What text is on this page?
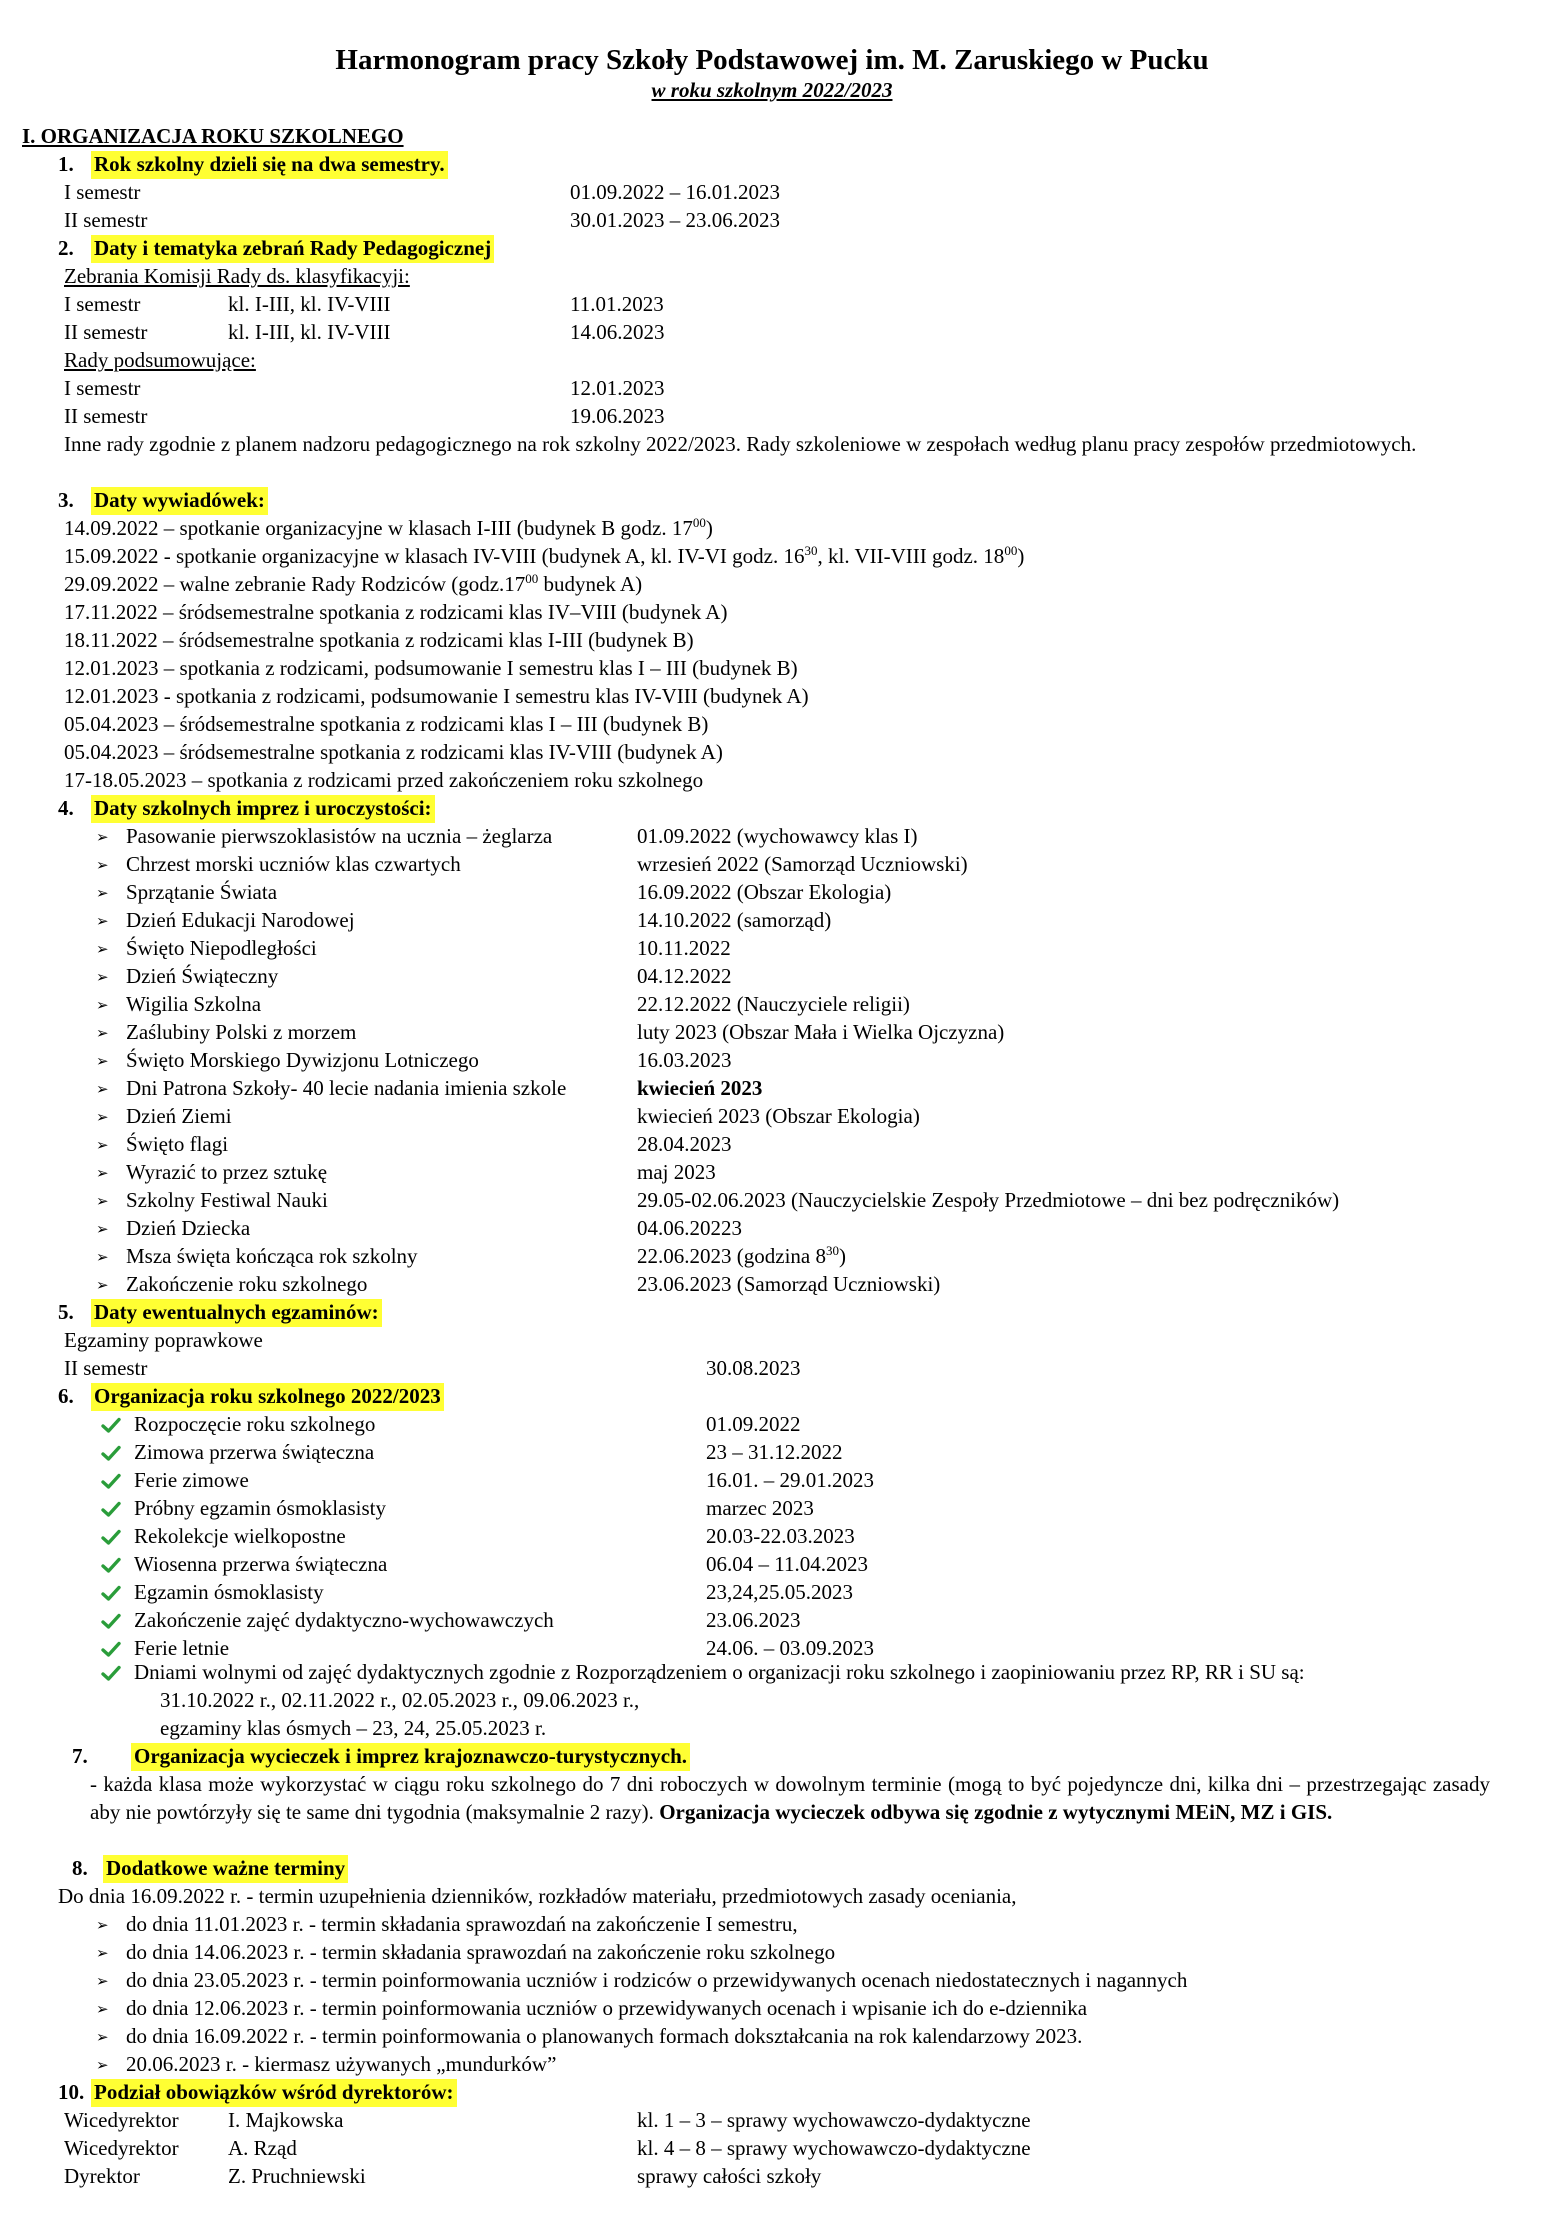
Harmonogram pracy Szkoły Podstawowej im. M. Zaruskiego w Pucku
w roku szkolnym 2022/2023
I. ORGANIZACJA ROKU SZKOLNEGO
1. Rok szkolny dzieli się na dwa semestry.
I semestr	01.09.2022 – 16.01.2023
II semestr	30.01.2023 – 23.06.2023
2. Daty i tematyka zebrań Rady Pedagogicznej
Zebrania Komisji Rady ds. klasyfikacyji:
I semestr	kl. I-III, kl. IV-VIII	11.01.2023
II semestr	kl. I-III, kl. IV-VIII	14.06.2023
Rady podsumowujące:
I semestr	12.01.2023
II semestr	19.06.2023
Inne rady zgodnie z planem nadzoru pedagogicznego na rok szkolny 2022/2023. Rady szkoleniowe w zespołach według planu pracy zespołów przedmiotowych.
3. Daty wywiadówek:
14.09.2022 – spotkanie organizacyjne w klasach I-III (budynek B godz. $17^{00}$)
15.09.2022 - spotkanie organizacyjne w klasach IV-VIII (budynek A, kl. IV-VI godz. $16^{30}$, kl. VII-VIII godz. $18^{00}$)
29.09.2022 – walne zebranie Rady Rodziców ($godz.17^{00}$ budynek A)
17.11.2022 – śródsemestralne spotkania z rodzicami klas IV–VIII (budynek A)
18.11.2022 – śródsemestralne spotkania z rodzicami klas I-III (budynek B)
12.01.2023 – spotkania z rodzicami, podsumowanie I semestru klas I – III (budynek B)
12.01.2023 - spotkania z rodzicami, podsumowanie I semestru klas IV-VIII (budynek A)
05.04.2023 – śródsemestralne spotkania z rodzicami klas I – III (budynek B)
05.04.2023 – śródsemestralne spotkania z rodzicami klas IV-VIII (budynek A)
17-18.05.2023 – spotkania z rodzicami przed zakończeniem roku szkolnego
4. Daty szkolnych imprez i uroczystości:
➢ Pasowanie pierwszoklasistów na ucznia – żeglarza	01.09.2022 (wychowawcy klas I)
➢ Chrzest morski uczniów klas czwartych	wrzesień 2022 (Samorząd Uczniowski)
➢ Sprzątanie Świata	16.09.2022 (Obszar Ekologia)
➢ Dzień Edukacji Narodowej	14.10.2022 (samorząd)
➢ Święto Niepodległości	10.11.2022
➢ Dzień Świąteczny	04.12.2022
➢ Wigilia Szkolna	22.12.2022 (Nauczyciele religii)
➢ Zaślubiny Polski z morzem	luty 2023 (Obszar Mała i Wielka Ojczyzna)
➢ Święto Morskiego Dywizjonu Lotniczego	16.03.2023
➢ Dni Patrona Szkoły- 40 lecie nadania imienia szkole	kwiecień 2023
➢ Dzień Ziemi	kwiecień 2023 (Obszar Ekologia)
➢ Święto flagi	28.04.2023
➢ Wyrazić to przez sztukę	maj 2023
➢ Szkolny Festiwal Nauki	29.05-02.06.2023 (Nauczycielskie Zespoły Przedmiotowe – dni bez podręczników)
➢ Dzień Dziecka	04.06.20223
➢ Msza święta kończąca rok szkolny	22.06.2023 (godzina $8^{30}$)
➢ Zakończenie roku szkolnego	23.06.2023 (Samorząd Uczniowski)
5. Daty ewentualnych egzaminów:
Egzaminy poprawkowe
II semestr	30.08.2023
6. Organizacja roku szkolnego 2022/2023
Rozpoczęcie roku szkolnego	01.09.2022
Zimowa przerwa świąteczna	23 – 31.12.2022
Ferie zimowe	16.01. – 29.01.2023
Próbny egzamin ósmoklasisty	marzec 2023
Rekolekcje wielkopostne	20.03-22.03.2023
Wiosenna przerwa świąteczna	06.04 – 11.04.2023
Egzamin ósmoklasisty	23,24,25.05.2023
Zakończenie zajęć dydaktyczno-wychowawczych	23.06.2023
Ferie letnie	24.06. – 03.09.2023
Dniami wolnymi od zajęć dydaktycznych zgodnie z Rozporządzeniem o organizacji roku szkolnego i zaopiniowaniu przez RP, RR i SU są:
31.10.2022 r., 02.11.2022 r., 02.05.2023 r., 09.06.2023 r.,
egzaminy klas ósmych – 23, 24, 25.05.2023 r.
7. Organizacja wycieczek i imprez krajoznawczo-turystycznych.
- każda klasa może wykorzystać w ciągu roku szkolnego do 7 dni roboczych w dowolnym terminie (mogą to być pojedyncze dni, kilka dni – przestrzegając zasady aby nie powtórzyły się te same dni tygodnia (maksymalnie 2 razy). Organizacja wycieczek odbywa się zgodnie z wytycznymi MEiN, MZ i GIS.
8. Dodatkowe ważne terminy
Do dnia 16.09.2022 r. - termin uzupełnienia dzienników, rozkładów materiału, przedmiotowych zasady oceniania,
➢ do dnia 11.01.2023 r. - termin składania sprawozdań na zakończenie I semestru,
➢ do dnia 14.06.2023 r. - termin składania sprawozdań na zakończenie roku szkolnego
➢ do dnia 23.05.2023 r. - termin poinformowania uczniów i rodziców o przewidywanych ocenach niedostatecznych i nagannych
➢ do dnia 12.06.2023 r. - termin poinformowania uczniów o przewidywanych ocenach i wpisanie ich do e-dziennika
➢ do dnia 16.09.2022 r. - termin poinformowania o planowanych formach dokształcania na rok kalendarzowy 2023.
➢ 20.06.2023 r. - kiermasz używanych „mundurków”
10. Podział obowiązków wśród dyrektorów:
Wicedyrektor I. Majkowska	kl. 1 – 3 – sprawy wychowawczo-dydaktyczne
Wicedyrektor A. Rząd	kl. 4 – 8 – sprawy wychowawczo-dydaktyczne
Dyrektor	Z. Pruchniewski	sprawy całości szkoły
